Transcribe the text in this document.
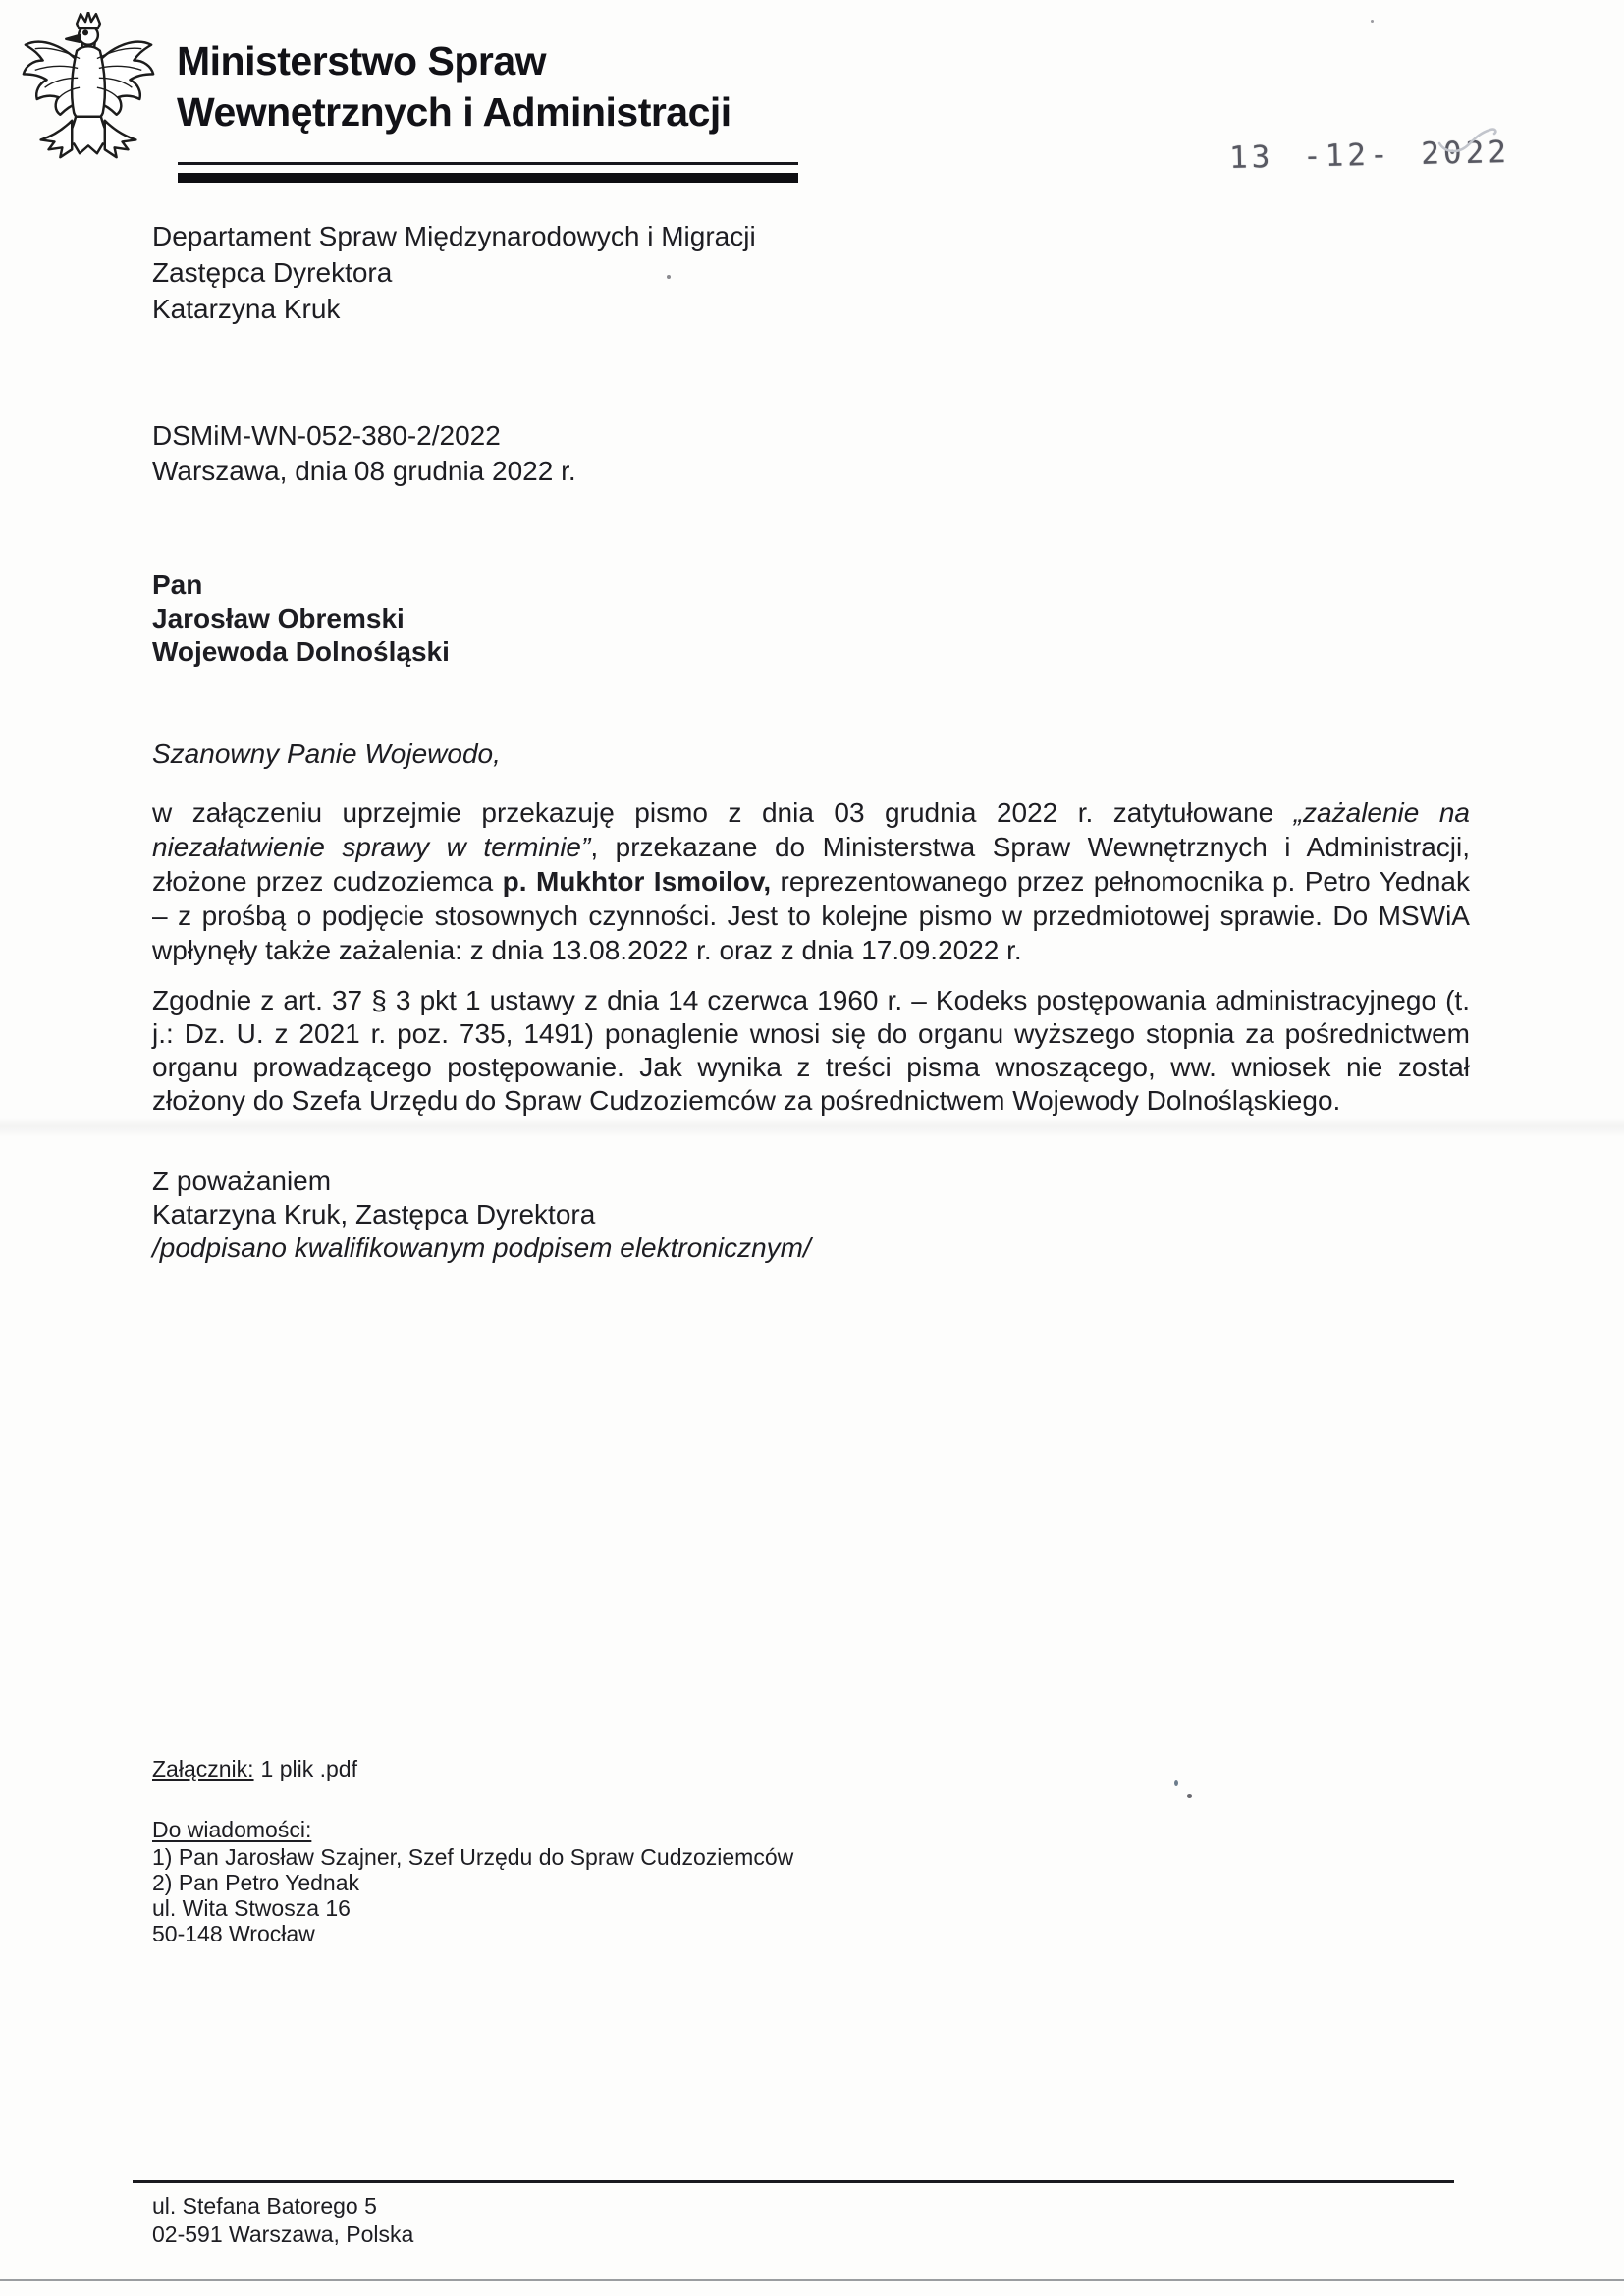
Ministerstwo Spraw
Wewnętrznych i Administracji
13 -12- 2022
Departament Spraw Międzynarodowych i Migracji
Zastępca Dyrektora
Katarzyna Kruk
DSMiM-WN-052-380-2/2022
Warszawa, dnia 08 grudnia 2022 r.
Pan
Jarosław Obremski
Wojewoda Dolnośląski
Szanowny Panie Wojewodo,
w załączeniu uprzejmie przekazuję pismo z dnia 03 grudnia 2022 r. zatytułowane „zażalenie na niezałatwienie sprawy w terminie”, przekazane do Ministerstwa Spraw Wewnętrznych i Administracji, złożone przez cudzoziemca p. Mukhtor Ismoilov, reprezentowanego przez pełnomocnika p. Petro Yednak – z prośbą o podjęcie stosownych czynności. Jest to kolejne pismo w przedmiotowej sprawie. Do MSWiA wpłynęły także zażalenia: z dnia 13.08.2022 r. oraz z dnia 17.09.2022 r.
Zgodnie z art. 37 § 3 pkt 1 ustawy z dnia 14 czerwca 1960 r. – Kodeks postępowania administracyjnego (t. j.: Dz. U. z 2021 r. poz. 735, 1491) ponaglenie wnosi się do organu wyższego stopnia za pośrednictwem organu prowadzącego postępowanie. Jak wynika z treści pisma wnoszącego, ww. wniosek nie został złożony do Szefa Urzędu do Spraw Cudzoziemców za pośrednictwem Wojewody Dolnośląskiego.
Z poważaniem
Katarzyna Kruk, Zastępca Dyrektora
/podpisano kwalifikowanym podpisem elektronicznym/
Załącznik: 1 plik .pdf
Do wiadomości:
1) Pan Jarosław Szajner, Szef Urzędu do Spraw Cudzoziemców
2) Pan Petro Yednak
ul. Wita Stwosza 16
50-148 Wrocław
ul. Stefana Batorego 5
02-591 Warszawa, Polska
